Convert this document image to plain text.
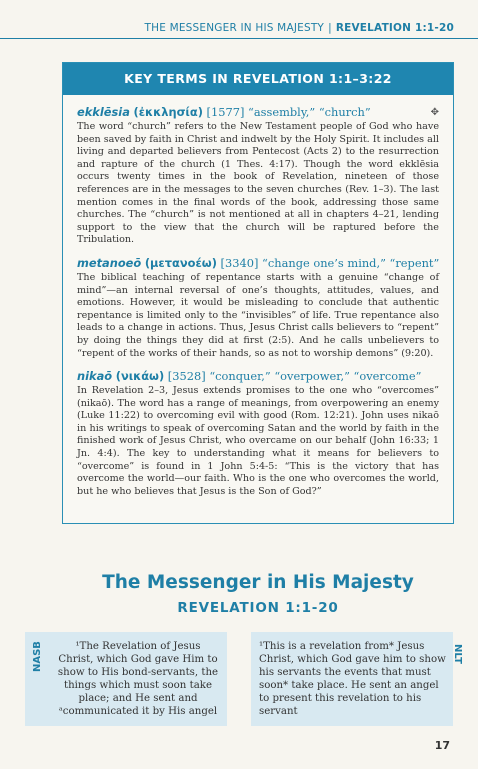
THE MESSENGER IN HIS MAJESTY | REVELATION 1:1-20
KEY TERMS IN REVELATION 1:1–3:22
ekklēsia (ἐκκλησία) [1577] “assembly,” “church”	✥

The word “church” refers to the New Testament people of God who have been saved by faith in Christ and indwelt by the Holy Spirit. It includes all living and departed believers from Pentecost (Acts 2) to the resurrection and rapture of the church (1 Thes. 4:17). Though the word ekklēsia occurs twenty times in the book of Revelation, nineteen of those references are in the messages to the seven churches (Rev. 1–3). The last mention comes in the final words of the book, addressing those same churches. The “church” is not mentioned at all in chapters 4–21, lending support to the view that the church will be raptured before the Tribulation.

metanoeō (μετανοέω) [3340] “change one’s mind,” “repent”

The biblical teaching of repentance starts with a genuine “change of mind”—an internal reversal of one’s thoughts, attitudes, values, and emotions. However, it would be misleading to conclude that authentic repentance is limited only to the “invisibles” of life. True repentance also leads to a change in actions. Thus, Jesus Christ calls believers to “repent” by doing the things they did at first (2:5). And he calls unbelievers to “repent of the works of their hands, so as not to worship demons” (9:20).

nikaō (νικάω) [3528] “conquer,” “overpower,” “overcome”

In Revelation 2–3, Jesus extends promises to the one who “overcomes” (nikaō). The word has a range of meanings, from overpowering an enemy (Luke 11:22) to overcoming evil with good (Rom. 12:21). John uses nikaō in his writings to speak of overcoming Satan and the world by faith in the finished work of Jesus Christ, who overcame on our behalf (John 16:33; 1 Jn. 4:4). The key to understanding what it means for believers to “overcome” is found in 1 John 5:4-5: “This is the victory that has overcome the world—our faith. Who is the one who overcomes the world, but he who believes that Jesus is the Son of God?”

The Messenger in His Majesty
REVELATION 1:1-20
NASB	¹The Revelation of Jesus Christ, which God gave Him to show to His bond-servants, the things which must soon take place; and He sent and ᵃcommunicated it by His angel
¹This is a revelation from* Jesus Christ, which God gave him to show his servants the events that must soon* take place. He sent an angel to present this revelation to his servant
NLT
17
